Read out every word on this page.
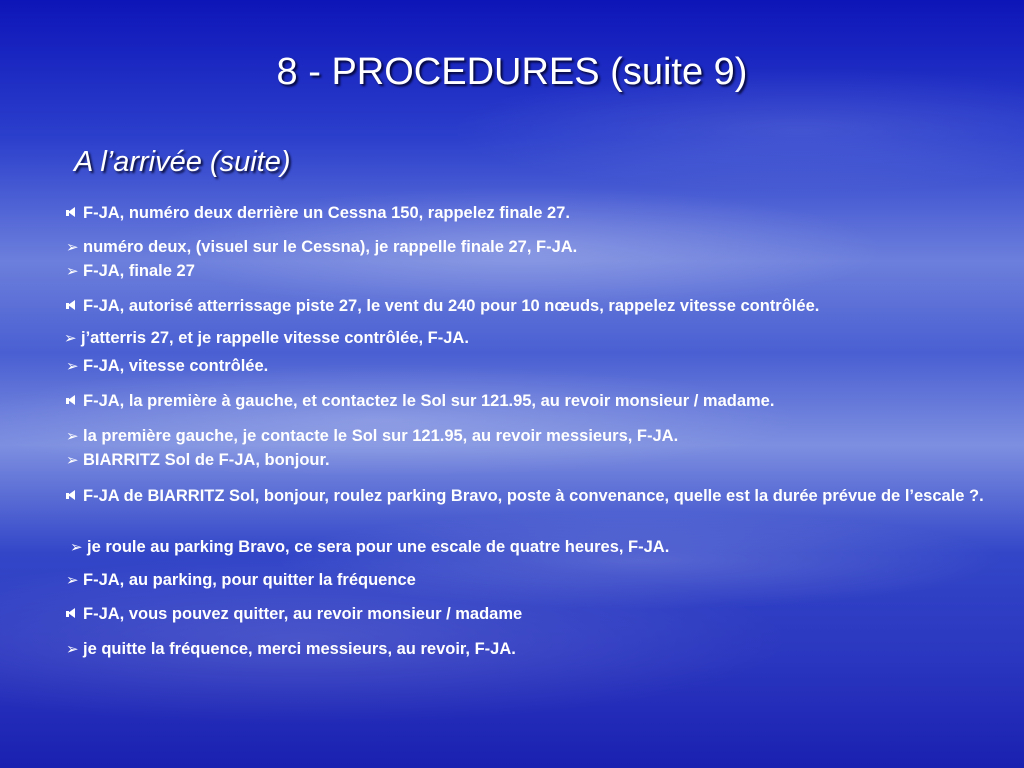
8 - PROCEDURES (suite 9)
A l’arrivée (suite)
F-JA, numéro deux derrière un Cessna 150, rappelez finale 27.
➢ numéro deux, (visuel sur le Cessna), je rappelle finale 27, F-JA.
➢ F-JA, finale 27
F-JA, autorisé atterrissage piste 27, le vent du 240 pour 10 nœuds, rappelez vitesse contrôlée.
➢ j’atterris 27, et je rappelle vitesse contrôlée, F-JA.
➢ F-JA, vitesse contrôlée.
F-JA, la première à gauche, et contactez le Sol sur 121.95, au revoir monsieur / madame.
➢ la première gauche, je contacte le Sol sur 121.95, au revoir messieurs, F-JA.
➢ BIARRITZ Sol de F-JA, bonjour.
F-JA de BIARRITZ Sol, bonjour, roulez parking Bravo, poste à convenance, quelle est la durée prévue de l’escale ?.
➢ je roule au parking Bravo, ce sera pour une escale de quatre heures, F-JA.
➢ F-JA, au parking, pour quitter la fréquence
F-JA, vous pouvez quitter, au revoir monsieur / madame
➢ je quitte la fréquence, merci messieurs, au revoir, F-JA.
